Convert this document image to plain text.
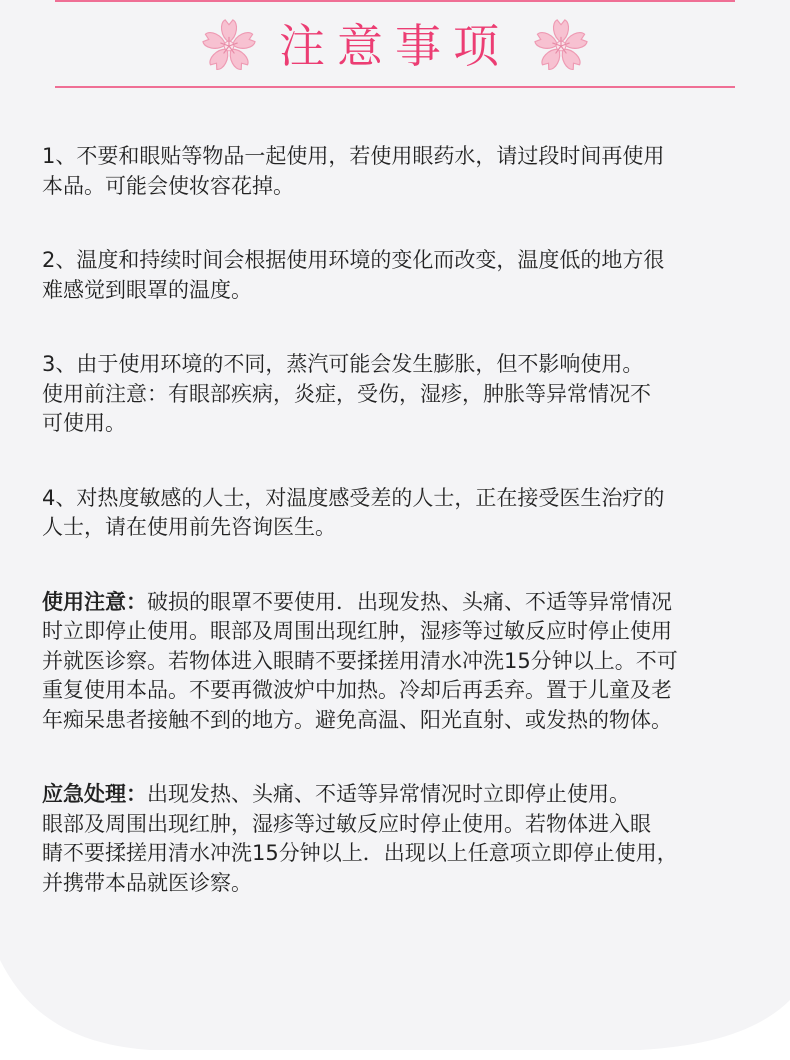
注意事项

1、不要和眼贴等物品一起使用，若使用眼药水，请过段时间再使用
本品。可能会使妆容花掉。

2、温度和持续时间会根据使用环境的变化而改变，温度低的地方很
难感觉到眼罩的温度。

3、由于使用环境的不同，蒸汽可能会发生膨胀，但不影响使用。
使用前注意：有眼部疾病，炎症，受伤，湿疹，肿胀等异常情况不
可使用。

4、对热度敏感的人士，对温度感受差的人士，正在接受医生治疗的
人士，请在使用前先咨询医生。

使用注意：破损的眼罩不要使用．出现发热、头痛、不适等异常情况
时立即停止使用。眼部及周围出现红肿，湿疹等过敏反应时停止使用
并就医诊察。若物体进入眼睛不要揉搓用清水冲洗15分钟以上。不可
重复使用本品。不要再微波炉中加热。冷却后再丢弃。置于儿童及老
年痴呆患者接触不到的地方。避免高温、阳光直射、或发热的物体。

应急处理：出现发热、头痛、不适等异常情况时立即停止使用。
眼部及周围出现红肿，湿疹等过敏反应时停止使用。若物体进入眼
睛不要揉搓用清水冲洗15分钟以上．出现以上任意项立即停止使用，
并携带本品就医诊察。
